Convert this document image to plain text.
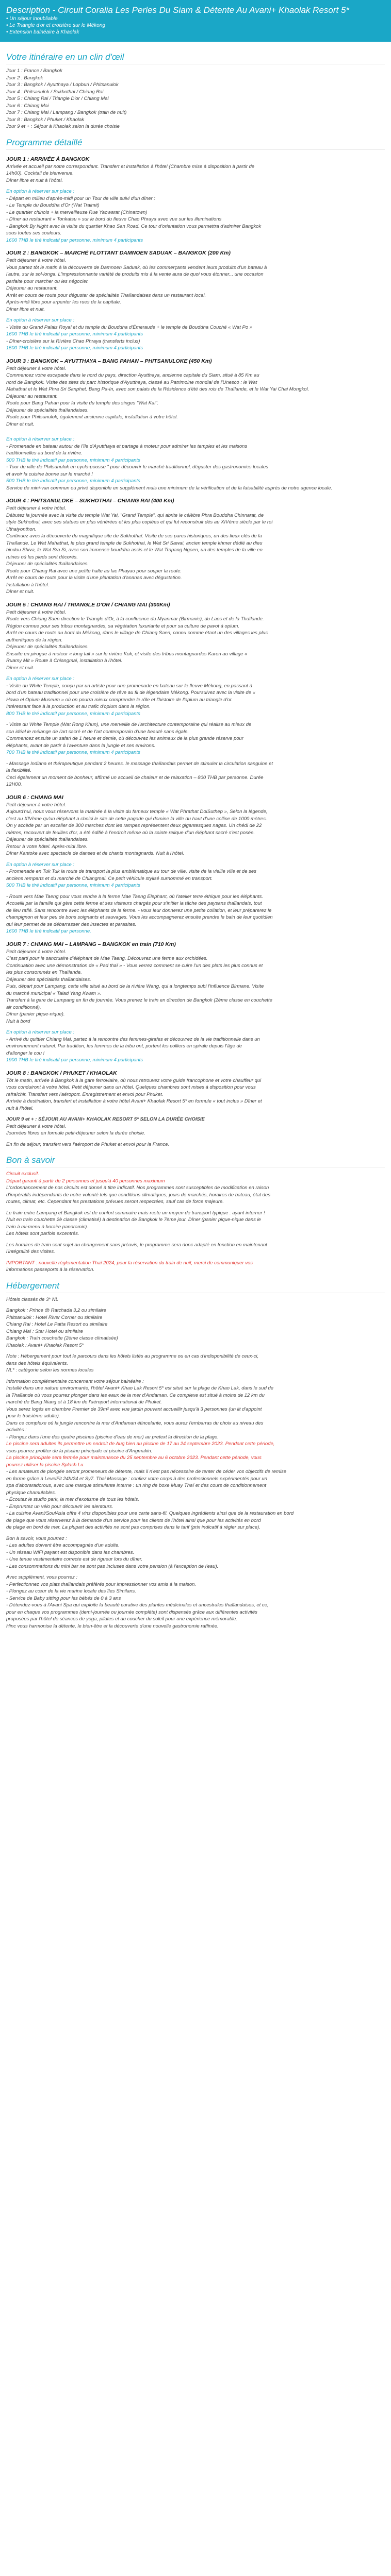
Description - Circuit Coralia Les Perles Du Siam & Détente Au Avani+ Khaolak Resort 5*
• Un séjour inoubliable
• Le Triangle d'or et croisière sur le Mékong
• Extension balnéaire à Khaolak
Votre itinéraire en un clin d'œil
Jour 1 : France / Bangkok
Jour 2 : Bangkok
Jour 3 : Bangkok / Ayutthaya / Lopburi / Phitsanulok
Jour 4 : Phitsanulok / Sukhothai / Chiang Rai
Jour 5 : Chiang Rai / Triangle D'or / Chiang Mai
Jour 6 : Chiang Mai
Jour 7 : Chiang Mai / Lampang / Bangkok (train de nuit)
Jour 8 : Bangkok / Phuket / Khaolak
Jour 9 et + : Séjour à Khaolak selon la durée choisie
Programme détaillé
JOUR 1 : ARRIVÉE À BANGKOK
Arrivée et accueil par notre correspondant. Transfert et installation à l'hôtel (Chambre mise à disposition à partir de
14h00). Cocktail de bienvenue.
Dîner libre et nuit à l'hôtel.

En option à réserver sur place :
- Départ en milieu d'après-midi pour un Tour de ville suivi d'un dîner :
- Le Temple du Bouddha d'Or (Wat Traimit)
- Le quartier chinois + la merveilleuse Rue Yaowarat (Chinatown)
- Dîner au restaurant « Tonkatsu » sur le bord du fleuve Chao Phraya avec vue sur les illuminations
- Bangkok By Night avec la visite du quartier Khao San Road. Ce tour d'orientation vous permettra d'admirer Bangkok
sous toutes ses couleurs.
1600 THB le tiré indicatif par personne, minimum 4 participants
JOUR 2 : BANGKOK – MARCHÉ FLOTTANT DAMNOEN SADUAK – BANGKOK (200 Km)
Petit déjeuner à votre hôtel.
Vous partez tôt le matin à la découverte de Damnoen Saduak, où les commerçants vendent leurs produits d'un bateau à
l'autre, sur le sol-longa. L'impressionnante variété de produits mis à la vente aura de quoi vous étonner... une occasion
parfaite pour marcher ou les négocier.
Déjeuner au restaurant.
Arrêt en cours de route pour déguster de spécialités Thaïlandaises dans un restaurant local.
Après-midi libre pour arpenter les rues de la capitale.
Dîner libre et nuit.

En option à réserver sur place :
- Visite du Grand Palais Royal et du temple du Bouddha d'Émeraude + le temple de Bouddha Couché « Wat Po »
1600 THB le tiré indicatif par personne, minimum 4 participants
- Dîner-croisière sur la Rivière Chao Phraya (transferts inclus)
1500 THB le tiré indicatif par personne, minimum 4 participants
JOUR 3 : BANGKOK – AYUTTHAYA – BANG PAHAN – PHITSANULOKE (450 Km)
Petit déjeuner à votre hôtel.
Commencez votre escapade dans le nord du pays, direction Ayutthaya, ancienne capitale du Siam, situé à 85 Km au
nord de Bangkok. Visite des sites du parc historique d'Ayutthaya, classé au Patrimoine mondial de l'Unesco : le Wat
Mahathat et le Wat Phra Sri Sanphet. Bang Pa-In, avec son palais de la Résidence d'été des rois de Thaïlande, et le Wat Yai Chai Mongkol.
Déjeuner au restaurant.
Route pour Bang Pahan pour la visite du temple des singes "Wat Kai".
Déjeuner de spécialités thaïlandaises.
Route pour Phitsanulok, également ancienne capitale, installation à votre hôtel.
Dîner et nuit.

En option à réserver sur place :
- Promenade en bateau autour de l'île d'Ayutthaya et partage à moteur pour admirer les temples et les maisons
traditionnelles au bord de la rivière.
500 THB le tiré indicatif par personne, minimum 4 participants
- Tour de ville de Phitsanulok en cyclo-pousse " pour découvrir le marché traditionnel, déguster des gastronomies locales
et avoir la cuisine bonne sur le marché !
500 THB le tiré indicatif par personne, minimum 4 participants
Service de mini-van commun ou privé disponible en supplément mais une minimum de la vérification et de la faisabilité auprès de notre agence locale.
JOUR 4 : PHITSANULOKE – SUKHOTHAI – CHIANG RAI (400 Km)
Petit déjeuner à votre hôtel.
Débutez la journée avec la visite du temple Wat Yai, "Grand Temple", qui abrite le célèbre Phra Bouddha Chinnarat, de
style Sukhothai, avec ses statues en plus vénérées et les plus copiées et qui fut reconstruit dès au XIVème siècle par le roi
Uthaiyonthon.
Continuez avec la découverte du magnifique site de Sukhothaï. Visite de ses parcs historiques, un des lieux clés de la
Thaïlande. Le Wat Mahathat, le plus grand temple de Sukhothai, le Wat Sri Sawai, ancien temple khmer dédié au dieu
hindou Shiva, le Wat Sra Si, avec son immense bouddha assis et le Wat Trapang Ngoen, un des temples de la ville en
ruines où les pieds sont décorés.
Déjeuner de spécialités thaïlandaises.
Route pour Chiang Rai avec une petite halte au lac Phayao pour souper la route.
Arrêt en cours de route pour la visite d'une plantation d'ananas avec dégustation.
Installation à l'hôtel.
Dîner et nuit.
JOUR 5 : CHIANG RAI / TRIANGLE D'OR / CHIANG MAI (300Km)
Petit déjeuner à votre hôtel.
Route vers Chiang Saen direction le Triangle d'Or, à la confluence du Myanmar (Birmanie), du Laos et de la Thaïlande.
Région connue pour ses tribus montagnardes, sa végétation luxuriante et pour sa culture de pavot à opium.
Arrêt en cours de route au bord du Mékong, dans le village de Chiang Saen, connu comme étant un des villages les plus
authentiques de la région.
Déjeuner de spécialités thaïlandaises.
Ensuite en pirogue à moteur « long tail » sur le rivière Kok, et visite des tribus montagnardes Karen au village «
Ruamy Mit » Route à Chiangmai, installation à l'hôtel.
Dîner et nuit.

En option à réserver sur place :
- Visite du White Temple, conçu par un artiste pour une promenade en bateau sur le fleuve Mékong, en passant à
bord d'un bateau traditionnel pour une croisière de rêve au fil de légendaire Mékong. Poursuivez avec la visite de «
Hawa el Opium Museum » où on pourra mieux comprendre le rôle et l'histoire de l'opium au triangle d'or.
Intéressant face à la production et au trafic d'opium dans la région.
800 THB le tiré indicatif par personne, minimum 4 participants

- Visite du White Temple (Wat Rong Khun), une merveille de l'architecture contemporaine qui réalise au mieux de
son idéal le mélange de l'art sacré et de l'art contemporain d'une beauté sans égale.
Commencez ensuite un safari de 1 heure et demie, où découvrez les animaux de la plus grande réserve pour
éléphants, avant de partir à l'aventure dans la jungle et ses environs.
700 THB le tiré indicatif par personne, minimum 4 participants

- Massage Indiana et thérapeutique pendant 2 heures. le massage thaïlandais permet de stimuler la circulation sanguine et
la flexibilité.
Ceci également un moment de bonheur, affirmé un accueil de chaleur et de relaxation – 800 THB par personne. Durée
12H00.
JOUR 6 : CHIANG MAI
Petit déjeuner à votre hôtel.
Aujourd'hui, nous vous réservons la matinée à la visite du fameux temple « Wat Phrathat DoiSuthep », Selon la légende,
c'est au XIVème qu'un éléphant a choisi le site de cette pagode qui domine la ville du haut d'une colline de 1000 mètres.
On y accède par un escalier de 300 marches dont les rampes représentent deux gigantesques nagas. Un chédi de 22
mètres, recouvert de feuilles d'or, a été édifié à l'endroit même où la sainte relique d'un éléphant sacré s'est posée.
Déjeuner de spécialités thaïlandaises.
Retour à votre hôtel. Après-midi libre.
Dîner Kantoke avec spectacle de danses et de chants montagnards. Nuit à l'hôtel.

En option à réserver sur place :
- Promenade en Tuk Tuk la route de transport la plus emblématique au tour de ville, visite de la vieille ville et de ses
anciens remparts et du marché de Chiangmai. Ce petit véhicule stylisé surnommé en transport.
500 THB le tiré indicatif par personne, minimum 4 participants

- Route vers Mae Taeng pour vous rendre à la ferme Mae Taeng Elephant, où l'atelier terre éthique pour les éléphants.
Accueilli par la famille qui gère cette ferme et ses visiteurs chargés pour s'initier la tâche des paysans thaïlandais, tout
de lieu rafié. Sans rencontre avec les éléphants de la ferme. - vous leur donnerez une petite collation, et leur préparerez le
champignon et leur peu de bons soignants et sauvages. Vous les accompagnerez ensuite prendre le bain de leur quotidien
qui leur permet de se débarrasser des insectes et parasites.
1600 THB le tiré indicatif par personne.
JOUR 7 : CHIANG MAI – LAMPANG – BANGKOK en train (710 Km)
Petit déjeuner à votre hôtel.
C'est parti pour le sanctuaire d'éléphant de Mae Taeng. Découvrez une ferme aux orchidées.
Continuation avec une démonstration de « Pad thaï » - Vous verrez comment se cuire l'un des plats les plus connus et
les plus consommés en Thaïlande.
Déjeuner des spécialités thaïlandaises.
Puis, départ pour Lampang, cette ville situé au bord de la rivière Wang, qui a longtemps subi l'influence Birmane. Visite
du marché municipal « Talad Yang Kwam ».
Transfert à la gare de Lampang en fin de journée. Vous prenez le train en direction de Bangkok (2ème classe en couchette
air conditionné).
Dîner (panier pique-nique).
Nuit à bord

En option à réserver sur place :
- Arrivé du quittier Chiang Mai, partez à la rencontre des femmes-girafes et découvrez de la vie traditionnelle dans un
environnement naturel. Par tradition, les femmes de la tribu ont, portent les colliers en spirale depuis l'âge de
d'allonger le cou !
1900 THB le tiré indicatif par personne, minimum 4 participants
JOUR 8 : BANGKOK / PHUKET / KHAOLAK
Tôt le matin, arrivée à Bangkok à la gare ferroviaire, où nous retrouvez votre guide francophone et votre chauffeur qui
vous conduiront à votre hôtel. Petit déjeuner dans un hôtel. Quelques chambres sont mises à disposition pour vous
rafraîchir. Transfert vers l'aéroport. Enregistrement et envol pour Phuket.
Arrivée à destination, transfert et installation à votre hôtel Avani+ Khaolak Resort 5* en formule « tout inclus » Dîner et
nuit à l'hôtel.

JOUR 9 et + : SÉJOUR AU AVANI+ KHAOLAK RESORT 5* SELON LA DURÉE CHOISIE
Petit déjeuner à votre hôtel.
Journées libres en formule petit-déjeuner selon la durée choisie.

En fin de séjour, transfert vers l'aéroport de Phuket et envol pour la France.
Bon à savoir
Circuit exclusif.
Départ garanti à partir de 2 personnes et jusqu'à 40 personnes maximum
L'ordonnancement de nos circuits est donné à titre indicatif. Nos programmes sont susceptibles de modification en raison
d'impératifs indépendants de notre volonté tels que conditions climatiques, jours de marchés, horaires de bateau, état des
routes, climat, etc. Cependant les prestations prévues seront respectées, sauf cas de force majeure.

Le train entre Lampang et Bangkok est de confort sommaire mais reste un moyen de transport typique : ayant interner !
Nuit en train couchette 2è classe (climatisé) à destination de Bangkok le 7ème jour. Dîner (panier pique-nique dans le
train à mi-menu à horaire panoramic).
Les hôtels sont parfois excentrés.

Les horaires de train sont sujet au changement sans préavis, le programme sera donc adapté en fonction en maintenant
l'intégralité des visites.

IMPORTANT : nouvelle réglementation Thaï 2024, pour la réservation du train de nuit, merci de communiquer vos
informations passeports à la réservation.
Hébergement
Hôtels classés de 3* NL

Bangkok : Prince @ Ratchada 3,2 ou similaire
Phitsanulok : Hotel River Corner ou similaire
Chiang Rai : Hotel Le Patta Resort ou similaire
Chiang Mai : Star Hotel ou similaire
Bangkok : Train couchette (2ème classe climatisée)
Khaolak : Avani+ Khaolak Resort 5*

Note : Hébergement pour tout le parcours dans les hôtels listés au programme ou en cas d'indisponibilité de ceux-ci,
dans des hôtels équivalents.
NL* : catégorie selon les normes locales

Information complémentaire concernant votre séjour balnéaire :
Installé dans une nature environnante, l'hôtel Avani+ Khao Lak Resort 5* est situé sur la plage de Khao Lak, dans le sud de
la Thaïlande où vous pourrez plonger dans les eaux de la mer d'Andaman. Ce complexe est situé à moins de 12 km du
marché de Bang Niang et à 18 km de l'aéroport international de Phuket.
Vous serez logés en chambre Premier de 39m² avec vue jardin pouvant accueillir jusqu'à 3 personnes (un lit d'appoint
pour le troisième adulte).
Dans ce complexe où la jungle rencontre la mer d'Andaman étincelante, vous aurez l'embarras du choix au niveau des
activités :
- Plongez dans l'une des quatre piscines (piscine d'eau de mer) au pretext la direction de la plage.
Le piscine sera adultes ils permettre un endroit de Aug bien au piscine de 17 au 24 septembre 2023. Pendant cette période,
vous pourrez profiter de la piscine principale et piscine d'Angmakin.
La piscine principale sera fermée pour maintenance du 25 septembre au 6 octobre 2023. Pendant cette période, vous
pourrez utiliser la piscine Splash Lu.
- Les amateurs de plongée seront promeneurs de détente, mais il n'est pas nécessaire de tenter de céder vos objectifs de remise
en forme grâce à LevelFit 24h/24 et Sy7. Thai Massage : confiez votre corps à des professionnels expérimentés pour un
spa d'aboraradorous, avec une marque stimulante interne : un ring de boxe Muay Thaï et des cours de conditionnement
physique chamulables.
- Écoutez le studio park, la mer d'exotisme de tous les hôtels.
- Empruntez un vélo pour découvrir les alentours.
- La cuisine Avani/SoulAsia offre 4 vins disponibles pour une carte sans-fil. Quelques ingrédients ainsi que de la restauration en bord
de plage que vous réserverez à la demande d'un service pour les clients de l'hôtel ainsi que pour les activités en bord
de plage en bord de mer. La plupart des activités ne sont pas comprises dans le tarif (prix indicatif à régler sur place).

Bon à savoir, vous pourrez :
- Les adultes doivent être accompagnés d'un adulte.
- Un réseau WiFi payant est disponible dans les chambres.
- Une tenue vestimentaire correcte est de rigueur lors du dîner.
- Les consommations du mini bar ne sont pas incluses dans votre pension (à l'exception de l'eau).

Avec supplément, vous pourrez :
- Perfectionnez vos plats thaïlandais préférés pour impressionner vos amis à la maison.
- Plongez au cœur de la vie marine locale des îles Similans.
- Service de Baby sitting pour les bébés de 0 à 3 ans
- Détendez-vous à l'Avani Spa qui exploite la beauté curative des plantes médicinales et ancestrales thaïlandaises, et ce,
pour en chaque vos programmes (demi-journée ou journée complète) sont dispensés grâce aux différentes activités
proposées par l'hôtel de séances de yoga, pilates et au coucher du soleil pour une expérience mémorable.
Hinc vous harmonise la détente, le bien-être et la découverte d'une nouvelle gastronomie raffinée.
